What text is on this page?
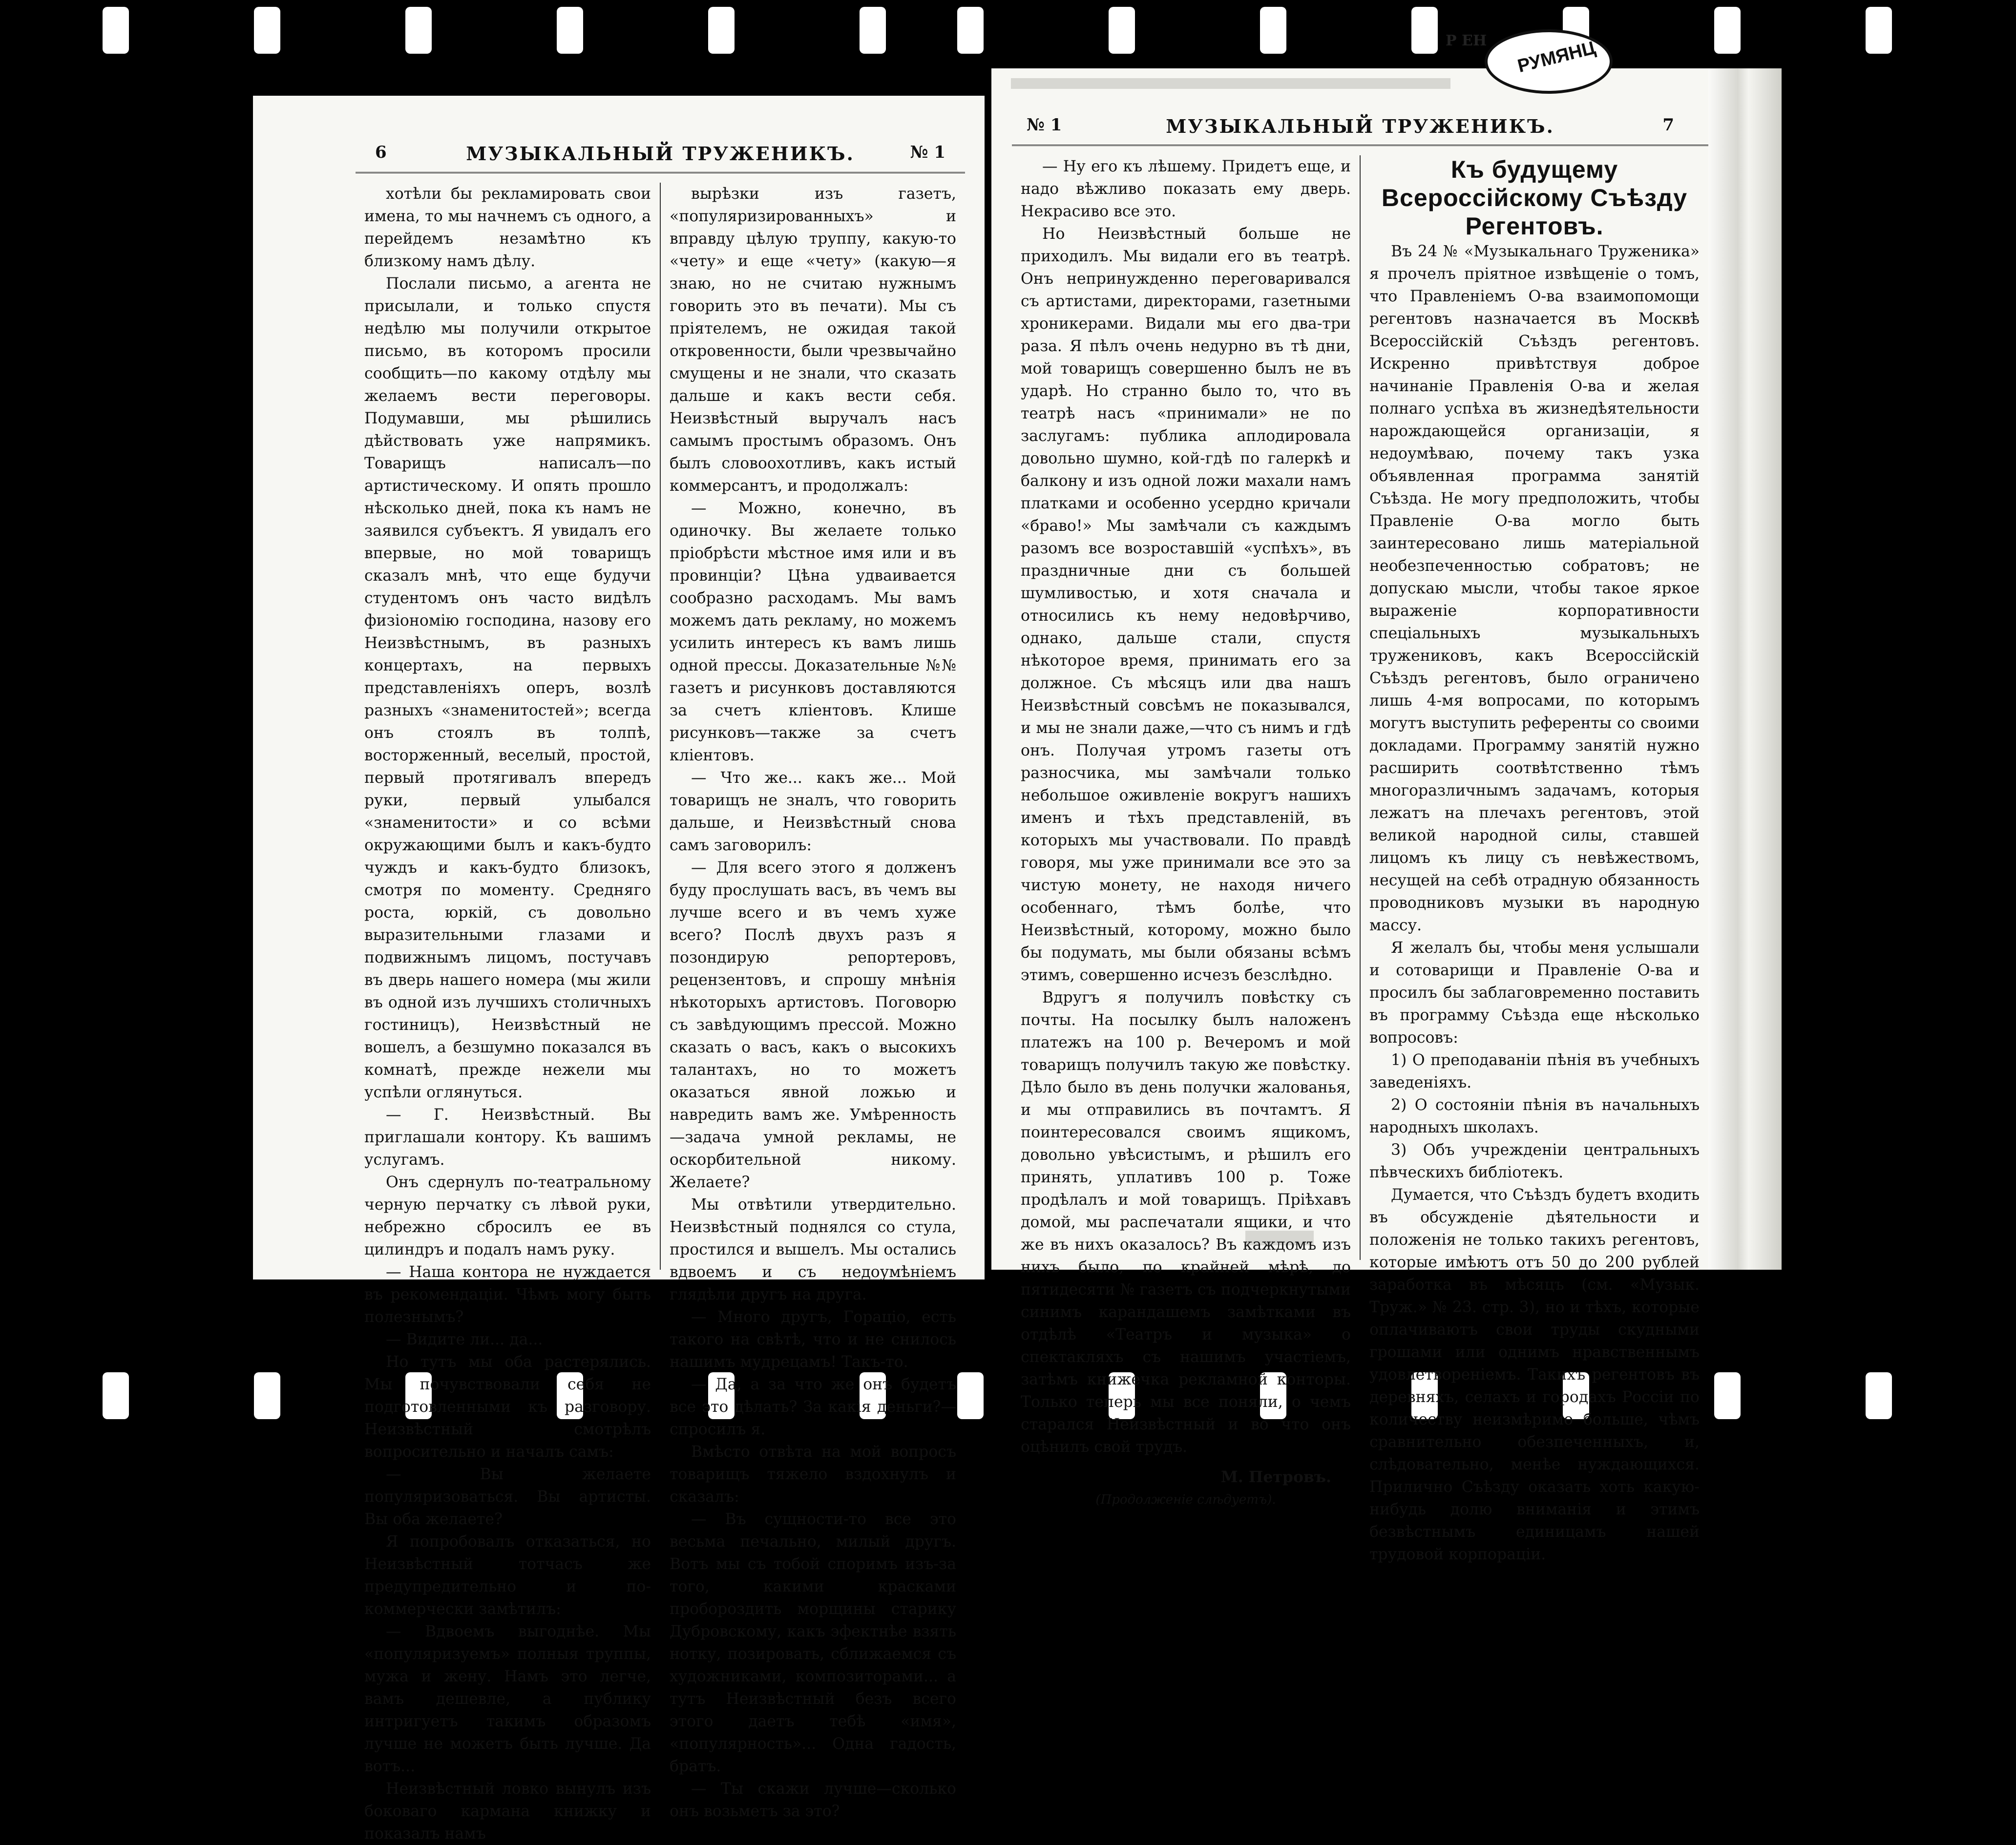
6	МУЗЫКАЛЬНЫЙ ТРУЖЕНИКЪ.	№ 1

хотѣли бы рекламировать свои имена, то мы начнемъ съ одного, а перейдемъ незамѣтно къ близкому намъ дѣлу.

Послали письмо, а агента не присылали, и только спустя недѣлю мы получили открытое письмо, въ которомъ просили сообщить—по какому отдѣлу мы желаемъ вести переговоры. Подумавши, мы рѣшились дѣйствовать уже напрямикъ. Товарищъ написалъ—по артистическому. И опять прошло нѣсколько дней, пока къ намъ не заявился субъектъ. Я увидалъ его впервые, но мой товарищъ сказалъ мнѣ, что еще будучи студентомъ онъ часто видѣлъ физіономію господина, назову его Неизвѣстнымъ, въ разныхъ концертахъ, на первыхъ представленіяхъ оперъ, возлѣ разныхъ «знаменитостей»; всегда онъ стоялъ въ толпѣ, восторженный, веселый, простой, первый протягивалъ впередъ руки, первый улыбался «знаменитости» и со всѣми окружающими былъ и какъ-будто чуждъ и какъ-будто близокъ, смотря по моменту. Средняго роста, юркій, съ довольно выразительными глазами и подвижнымъ лицомъ, постучавъ въ дверь нашего номера (мы жили въ одной изъ лучшихъ столичныхъ гостиницъ), Неизвѣстный не вошелъ, а безшумно показался въ комнатѣ, прежде нежели мы успѣли оглянуться.

— Г. Неизвѣстный. Вы приглашали контору. Къ вашимъ услугамъ.

Онъ сдернулъ по-театральному черную перчатку съ лѣвой руки, небрежно сбросилъ ее въ цилиндръ и подалъ намъ руку.

— Наша контора не нуждается въ рекомендаціи. Чѣмъ могу быть полезнымъ?

— Видите ли... да...

Но тутъ мы оба растерялись. Мы почувствовали себя не подготовленными къ разговору. Неизвѣстный смотрѣлъ вопросительно и началъ самъ:

— Вы желаете популяризоваться. Вы артисты. Вы оба желаете?

Я попробовалъ отказаться, но Неизвѣстный тотчасъ же предупредительно и по-коммерчески замѣтилъ:

— Вдвоемъ выгоднѣе. Мы «популяризуемъ» полныя труппы, мужа и жену. Намъ это легче, вамъ дешевле, а публику интригуетъ такимъ образомъ лучше не можетъ быть лучше. Да вотъ...

Неизвѣстный ловко вынулъ изъ боковаго кармана книжку и показалъ намъ

вырѣзки изъ газетъ, «популяризированныхъ» и вправду цѣлую труппу, какую-то «чету» и еще «чету» (какую—я знаю, но не считаю нужнымъ говорить это въ печати). Мы съ пріятелемъ, не ожидая такой откровенности, были чрезвычайно смущены и не знали, что сказать дальше и какъ вести себя. Неизвѣстный выручалъ насъ самымъ простымъ образомъ. Онъ былъ словоохотливъ, какъ истый коммерсантъ, и продолжалъ:

— Можно, конечно, въ одиночку. Вы желаете только пріобрѣсти мѣстное имя или и въ провинціи? Цѣна удваивается сообразно расходамъ. Мы вамъ можемъ дать рекламу, но можемъ усилить интересъ къ вамъ лишь одной прессы. Доказательные №№ газетъ и рисунковъ доставляются за счетъ кліентовъ. Клише рисунковъ—также за счетъ кліентовъ.

— Что же... какъ же... Мой товарищъ не зналъ, что говорить дальше, и Неизвѣстный снова самъ заговорилъ:

— Для всего этого я долженъ буду прослушать васъ, въ чемъ вы лучше всего и въ чемъ хуже всего? Послѣ двухъ разъ я позондирую репортеровъ, рецензентовъ, и спрошу мнѣнія нѣкоторыхъ артистовъ. Поговорю съ завѣдующимъ прессой. Можно сказать о васъ, какъ о высокихъ талантахъ, но то можетъ оказаться явной ложью и навредить вамъ же. Умѣренность—задача умной рекламы, не оскорбительной никому. Желаете?

Мы отвѣтили утвердительно. Неизвѣстный поднялся со стула, простился и вышелъ. Мы остались вдвоемъ и съ недоумѣніемъ глядѣли другъ на друга.

— Много другъ, Горацiо, есть такого на свѣтѣ, что и не снилось нашимъ мудрецамъ! Такъ-то.

— Да, а за что же онъ будетъ все это дѣлать? За какія деньги?—спросилъ я.

Вмѣсто отвѣта на мой вопросъ товарищъ тяжело вздохнулъ и сказалъ:

— Въ сущности-то все это весьма печально, милый другъ. Вотъ мы съ тобой споримъ изъ-за того, какими красками пробороздить морщины старику Дубровскому, какъ эфектнѣе взять нотку, позировать, сближаемся съ художниками, композиторами... а тутъ Неизвѣстный безъ всего этого даетъ тебѣ «имя», «популярность»... Одна гадость, братъ.

— Ты скажи лучше—сколько онъ возьметъ за это?

№ 1	МУЗЫКАЛЬНЫЙ ТРУЖЕНИКЪ.	7

— Ну его къ лѣшему. Придетъ еще, и надо вѣжливо показать ему дверь. Некрасиво все это.

Но Неизвѣстный больше не приходилъ. Мы видали его въ театрѣ. Онъ непринужденно переговаривался съ артистами, директорами, газетными хроникерами. Видали мы его два-три раза. Я пѣлъ очень недурно въ тѣ дни, мой товарищъ совершенно былъ не въ ударѣ. Но странно было то, что въ театрѣ насъ «принимали» не по заслугамъ: публика аплодировала довольно шумно, кой-гдѣ по галеркѣ и балкону и изъ одной ложи махали намъ платками и особенно усердно кричали «браво!» Мы замѣчали съ каждымъ разомъ все возроставшій «успѣхъ», въ праздничные дни съ большей шумливостью, и хотя сначала и относились къ нему недовѣрчиво, однако, дальше стали, спустя нѣкоторое время, принимать его за должное. Съ мѣсяцъ или два нашъ Неизвѣстный совсѣмъ не показывался, и мы не знали даже,—что съ нимъ и гдѣ онъ. Получая утромъ газеты отъ разносчика, мы замѣчали только небольшое оживленіе вокругъ нашихъ именъ и тѣхъ представленій, въ которыхъ мы участвовали. По правдѣ говоря, мы уже принимали все это за чистую монету, не находя ничего особеннаго, тѣмъ болѣе, что Неизвѣстный, которому, можно было бы подумать, мы были обязаны всѣмъ этимъ, совершенно исчезъ безслѣдно.

Вдругъ я получилъ повѣстку съ почты. На посылку былъ наложенъ платежъ на 100 р. Вечеромъ и мой товарищъ получилъ такую же повѣстку. Дѣло было въ день получки жалованья, и мы отправились въ почтамтъ. Я поинтересовался своимъ ящикомъ, довольно увѣсистымъ, и рѣшилъ его принять, уплативъ 100 р. Тоже продѣлалъ и мой товарищъ. Пріѣхавъ домой, мы распечатали ящики, и что же въ нихъ оказалось? Въ каждомъ изъ нихъ было, по крайней мѣрѣ, до пятидесяти № газетъ съ подчеркнутыми синимъ карандашемъ замѣтками въ отдѣлѣ «Театръ и музыка» о спектакляхъ съ нашимъ участіемъ, затѣмъ книжечка рекламной конторы. Только теперь мы все поняли, о чемъ старался Неизвѣстный и во что онъ оцѣнилъ свой трудъ.

М. Петровъ.

(Продолженіе слѣдуетъ).

Къ будущему Всероссійскому Съѣзду Регентовъ.

Въ 24 № «Музыкальнаго Труженика» я прочелъ пріятное извѣщеніе о томъ, что Правленіемъ О-ва взаимопомощи регентовъ назначается въ Москвѣ Всероссійскій Съѣздъ регентовъ. Искренно привѣтствуя доброе начинаніе Правленія О-ва и желая полнаго успѣха въ жизнедѣятельности нарождающейся организаціи, я недоумѣваю, почему такъ узка объявленная программа занятій Съѣзда. Не могу предположить, чтобы Правленіе О-ва могло быть заинтересовано лишь матеріальной необезпеченностью собратовъ; не допускаю мысли, чтобы такое яркое выраженіе корпоративности спеціальныхъ музыкальныхъ тружениковъ, какъ Всероссійскій Съѣздъ регентовъ, было ограничено лишь 4-мя вопросами, по которымъ могутъ выступить референты со своими докладами. Программу занятій нужно расширить соотвѣтственно тѣмъ многоразличнымъ задачамъ, которыя лежатъ на плечахъ регентовъ, этой великой народной силы, ставшей лицомъ къ лицу съ невѣжествомъ, несущей на себѣ отрадную обязанность проводниковъ музыки въ народную массу.

Я желалъ бы, чтобы меня услышали и сотоварищи и Правленіе О-ва и просилъ бы заблаговременно поставить въ программу Съѣзда еще нѣсколько вопросовъ:

1) О преподаваніи пѣнія въ учебныхъ заведеніяхъ.

2) О состояніи пѣнія въ начальныхъ народныхъ школахъ.

3) Объ учрежденіи центральныхъ пѣвческихъ библіотекъ.

Думается, что Съѣздъ будетъ входить въ обсужденіе дѣятельности и положенія не только такихъ регентовъ, которые имѣютъ отъ 50 до 200 рублей заработка въ мѣсяцъ (см. «Музык. Труж.» № 23. стр. 3), но и тѣхъ, которые оплачиваютъ свои труды скудными грошами или однимъ нравственнымъ удовлетвореніемъ. Такихъ регентовъ въ деревняхъ, селахъ и городахъ Россіи по количеству неизмѣримо больше, чѣмъ сравнительно обезпеченныхъ, и, слѣдовательно, менѣе нуждающихся. Прилично Съѣзду оказать хоть какую-нибудь долю вниманія и этимъ безвѣстнымъ единицамъ нашей трудовой корпораціи.

Р ЕН РУМЯНЦ
